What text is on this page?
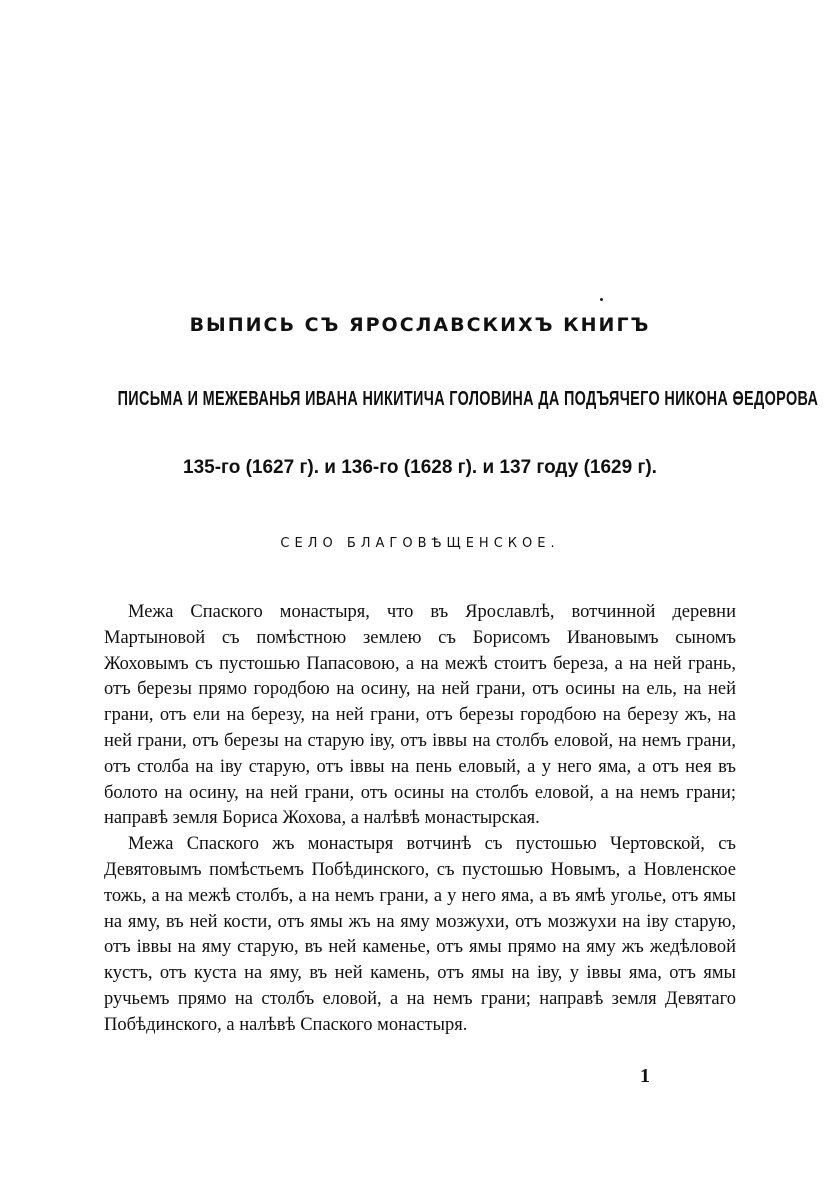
ВЫПИСЬ СЪ ЯРОСЛАВСКИХЪ КНИГЪ
ПИСЬМА И МЕЖЕВАНЬЯ ИВАНА НИКИТИЧА ГОЛОВИНА ДА ПОДЪЯЧЕГО НИКОНА ӨЕДОРОВА
135-го (1627 г). и 136-го (1628 г). и 137 году (1629 г).
СЕЛО БЛАГОВѢЩЕНСКОЕ.

Межа Спаского монастыря, что въ Ярославлѣ, вотчинной деревни Мартыновой съ помѣстною землею съ Борисомъ Ивановымъ сыномъ Жоховымъ съ пустошью Папасовою, а на межѣ стоитъ береза, а на ней грань, отъ березы прямо городбою на осину, на ней грани, отъ осины на ель, на ней грани, отъ ели на березу, на ней грани, отъ березы городбою на березу жъ, на ней грани, отъ березы на старую іву, отъ іввы на столбъ еловой, на немъ грани, отъ столба на іву старую, отъ іввы на пень еловый, а у него яма, а отъ нея въ болото на осину, на ней грани, отъ осины на столбъ еловой, а на немъ грани; направѣ земля Бориса Жохова, а налѣвѣ монастырская.

Межа Спаского жъ монастыря вотчинѣ съ пустошью Чертовской, съ Девятовымъ помѣстьемъ Побѣдинского, съ пустошью Новымъ, а Новленское тожь, а на межѣ столбъ, а на немъ грани, а у него яма, а въ ямѣ уголье, отъ ямы на яму, въ ней кости, отъ ямы жъ на яму мозжухи, отъ мозжухи на іву старую, отъ іввы на яму старую, въ ней каменье, отъ ямы прямо на яму жъ жедѣловой кустъ, отъ куста на яму, въ ней камень, отъ ямы на іву, у іввы яма, отъ ямы ручьемъ прямо на столбъ еловой, а на немъ грани; направѣ земля Девятаго Побѣдинского, а налѣвѣ Спаского монастыря.

1
